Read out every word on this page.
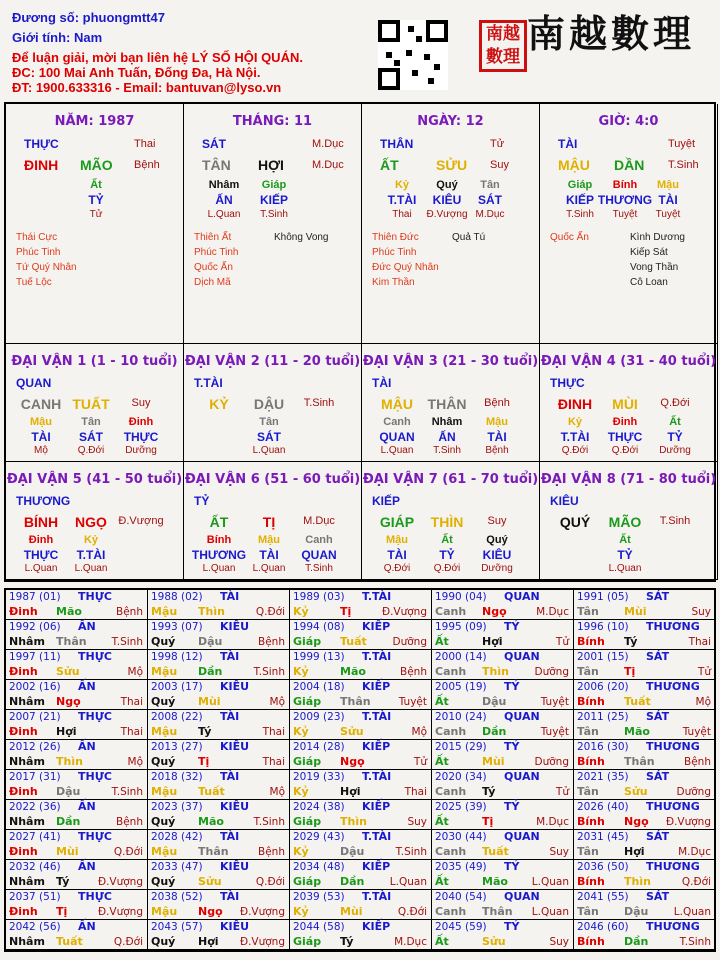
Đương số: phuongmtt47
Giới tính: Nam
Để luận giải, mời bạn liên hệ LÝ SỐ HỘI QUÁN.
ĐC: 100 Mai Anh Tuấn, Đống Đa, Hà Nội.
ĐT: 1900.633316 - Email: bantuvan@lyso.vn
南越數理
南越數理
NĂM: 1987
THỰC	Thai
ĐINH MÃO Bệnh
Ất
TỶ
Tử
Thái Cực
Phúc Tinh
Tứ Quý Nhân
Tuế Lộc
THÁNG: 11
SÁT	M.Dục
TÂN HỢI	M.Dục
Nhâm
ẤN
L.Quan
Giáp
KIẾP
T.Sinh
Thiên Ất
Phúc Tinh
Quốc Ấn
Dịch Mã
Không Vong
NGÀY: 12
THÂN	Tử
ẤT	SỬU Suy
Kỷ
T.TÀI
Thai
Quý
KIÊU
Đ.Vượng
Tân
SÁT
M.Dục
Thiên Đức
Phúc Tinh
Đức Quý Nhân
Kim Thần
Quả Tú
GIỜ: 4:0
TÀI	Tuyệt
MẬU DẦN T.Sinh
Giáp
KIẾP
T.Sinh
Bính
THƯƠNG
Tuyệt
Mậu
TÀI
Tuyệt
Quốc Ấn	Kình Dương
Kiếp Sát
Vong Thần
Cô Loan
ĐẠI VẬN 1 (1 - 10 tuổi)
QUAN
CANH TUẤT	Suy
Mậu
TÀI
Mộ
Tân
SÁT
Q.Đới
Đinh
THỰC
Dưỡng
ĐẠI VẬN 2 (11 - 20 tuổi)
T.TÀI
KỶ	DẬU	T.Sinh
Tân
SÁT
L.Quan
ĐẠI VẬN 3 (21 - 30 tuổi)
TÀI
MẬU	THÂN	Bệnh
Canh
QUAN
L.Quan
Nhâm
ẤN
T.Sinh
Mậu
TÀI
Bệnh
ĐẠI VẬN 4 (31 - 40 tuổi)
THỰC
ĐINH	MÙI	Q.Đới
Kỷ
T.TÀI
Q.Đới
Đinh
THỰC
Q.Đới
Ất
TỶ
Dưỡng
ĐẠI VẬN 5 (41 - 50 tuổi)
THƯƠNG
BÍNH	NGỌ	Đ.Vượng
Đinh
THỰC
L.Quan
Kỷ
T.TÀI
L.Quan
ĐẠI VẬN 6 (51 - 60 tuổi)
TỶ
ẤT	TỊ	M.Dục
Bính
THƯƠNG
L.Quan
Mậu
TÀI
L.Quan
Canh
QUAN
T.Sinh
ĐẠI VẬN 7 (61 - 70 tuổi)
KIẾP
GIÁP	THÌN	Suy
Mậu
TÀI
Q.Đới
Ất
TỶ
Q.Đới
Quý
KIÊU
Dưỡng
ĐẠI VẬN 8 (71 - 80 tuổi)
KIÊU
QUÝ	MÃO	T.Sinh
Ất
TỶ
L.Quan
1987 (01) THỰC
Đinh Mão	Bệnh
1988 (02) TÀI
Mậu Thìn	Q.Đới
1989 (03) T.TÀI
Kỷ	Tị	Đ.Vượng
1990 (04) QUAN
Canh Ngọ	M.Dục
1991 (05) SÁT
Tân Mùi	Suy
1992 (06) ẤN
Nhâm Thân T.Sinh
1993 (07) KIÊU
Quý Dậu	Bệnh
1994 (08) KIẾP
Giáp Tuất Dưỡng
1995 (09) TỶ
Ất	Hợi	Tử
1996 (10) THƯƠNG
Bính Tý	Thai
1997 (11) THỰC
Đinh Sửu	Mộ
1998 (12) TÀI
Mậu Dần	T.Sinh
1999 (13) T.TÀI
Kỷ	Mão	Bệnh
2000 (14) QUAN
Canh Thìn Dưỡng
2001 (15) SÁT
Tân Tị	Tử
2002 (16) ẤN
Nhâm Ngọ	Thai
2003 (17) KIÊU
Quý Mùi	Mộ
2004 (18) KIẾP
Giáp Thân	Tuyệt
2005 (19) TỶ
Ất	Dậu	Tuyệt
2006 (20) THƯƠNG
Bính Tuất	Mộ
2007 (21) THỰC
Đinh Hợi	Thai
2008 (22) TÀI
Mậu Tý	Thai
2009 (23) T.TÀI
Kỷ	Sửu	Mộ
2010 (24) QUAN
Canh Dần	Tuyệt
2011 (25) SÁT
Tân Mão	Tuyệt
2012 (26) ẤN
Nhâm Thìn	Mộ
2013 (27) KIÊU
Quý Tị	Thai
2014 (28) KIẾP
Giáp Ngọ	Tử
2015 (29) TỶ
Ất	Mùi	Dưỡng
2016 (30) THƯƠNG
Bính Thân	Bệnh
2017 (31) THỰC
Đinh Dậu	T.Sinh
2018 (32) TÀI
Mậu Tuất	Mộ
2019 (33) T.TÀI
Kỷ	Hợi	Thai
2020 (34) QUAN
Canh Tý	Tử
2021 (35) SÁT
Tân Sửu	Dưỡng
2022 (36) ẤN
Nhâm Dần	Bệnh
2023 (37) KIÊU
Quý Mão	T.Sinh
2024 (38) KIẾP
Giáp Thìn	Suy
2025 (39) TỶ
Ất	Tị	M.Dục
2026 (40) THƯƠNG
Bính Ngọ Đ.Vượng
2027 (41) THỰC
Đinh Mùi	Q.Đới
2028 (42) TÀI
Mậu Thân	Bệnh
2029 (43) T.TÀI
Kỷ	Dậu	T.Sinh
2030 (44) QUAN
Canh Tuất	Suy
2031 (45) SÁT
Tân Hợi	M.Dục
2032 (46) ẤN
Nhâm Tý	Đ.Vượng
2033 (47) KIÊU
Quý Sửu	Q.Đới
2034 (48) KIẾP
Giáp Dần L.Quan
2035 (49) TỶ
Ất	Mão L.Quan
2036 (50) THƯƠNG
Bính Thìn	Q.Đới
2037 (51) THỰC
Đinh Tị	Đ.Vượng
2038 (52) TÀI
Mậu Ngọ Đ.Vượng
2039 (53) T.TÀI
Kỷ	Mùi	Q.Đới
2040 (54) QUAN
Canh Thân L.Quan
2041 (55) SÁT
Tân Dậu L.Quan
2042 (56) ẤN
Nhâm Tuất	Q.Đới
2043 (57) KIÊU
Quý Hợi Đ.Vượng
2044 (58) KIẾP
Giáp Tý	M.Dục
2045 (59) TỶ
Ất	Sửu	Suy
2046 (60) THƯƠNG
Bính Dần	T.Sinh
